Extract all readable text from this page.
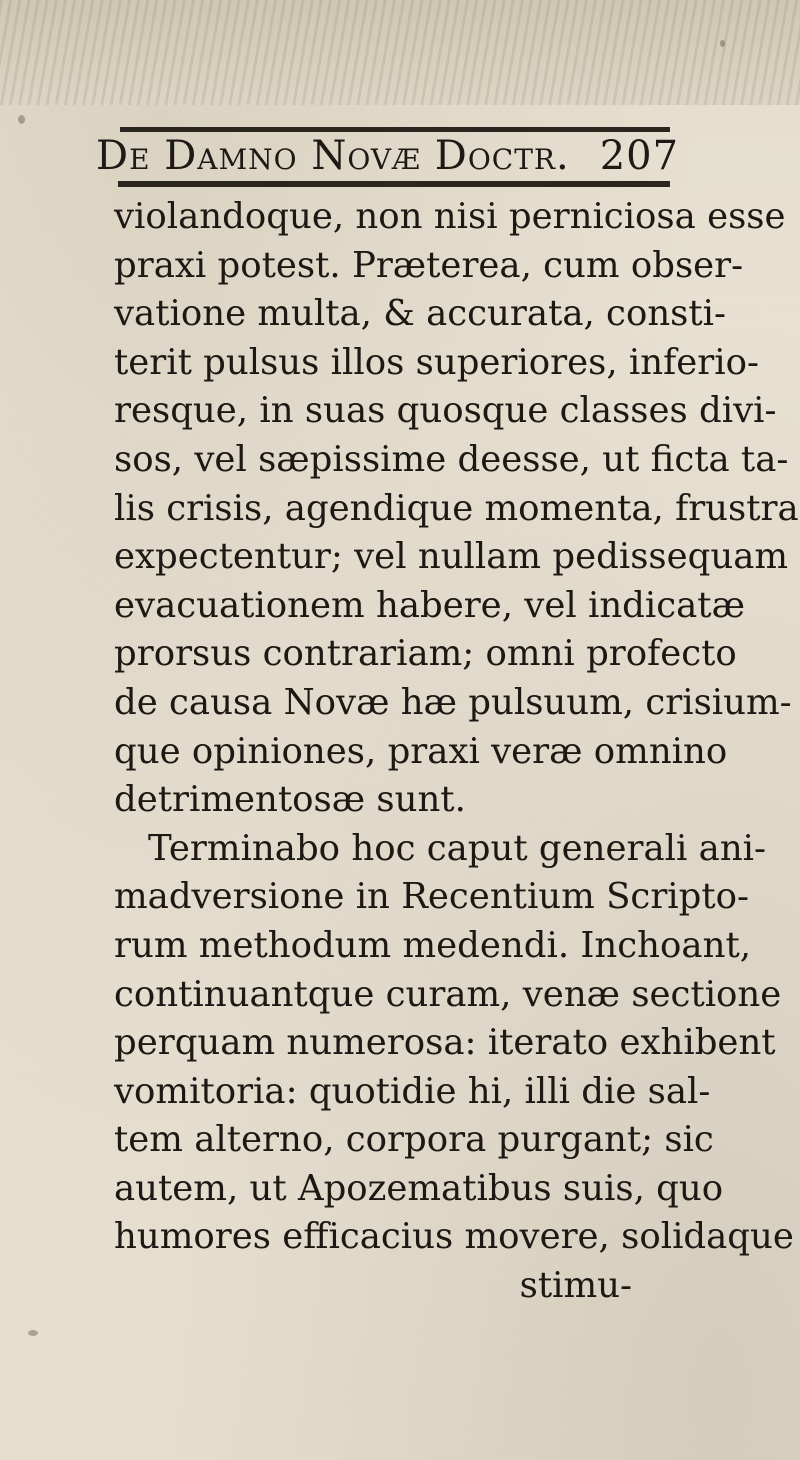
De Damno Novæ Doctr. 207
violandoque, non nisi perniciosa esse
praxi potest. Præterea, cum obser-
vatione multa, & accurata, consti-
terit pulsus illos superiores, inferio-
resque, in suas quosque classes divi-
sos, vel sæpissime deesse, ut ficta ta-
lis crisis, agendique momenta, frustra
expectentur; vel nullam pedissequam
evacuationem habere, vel indicatæ
prorsus contrariam; omni profecto
de causa Novæ hæ pulsuum, crisium-
que opiniones, praxi veræ omnino
detrimentosæ sunt.
Terminabo hoc caput generali ani-
madversione in Recentium Scripto-
rum methodum medendi. Inchoant,
continuantque curam, venæ sectione
perquam numerosa: iterato exhibent
vomitoria: quotidie hi, illi die sal-
tem alterno, corpora purgant; sic
autem, ut Apozematibus suis, quo
humores efficacius movere, solidaque
stimu-
